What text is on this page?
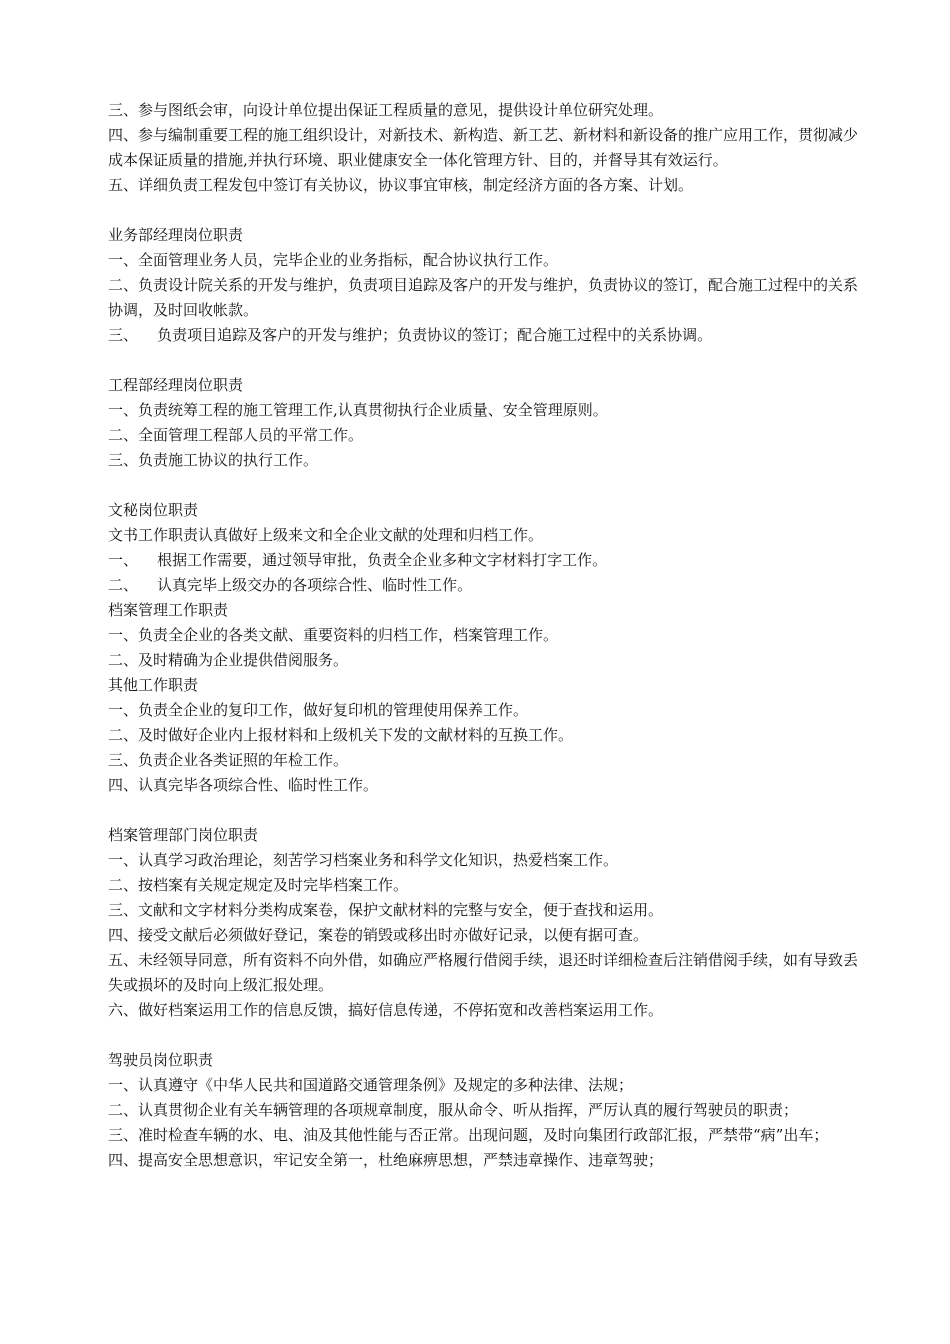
三、参与图纸会审，向设计单位提出保证工程质量的意见，提供设计单位研究处理。
四、参与编制重要工程的施工组织设计，对新技术、新构造、新工艺、新材料和新设备的推广应用工作，贯彻减少成本保证质量的措施,并执行环境、职业健康安全一体化管理方针、目的，并督导其有效运行。
五、详细负责工程发包中签订有关协议，协议事宜审核，制定经济方面的各方案、计划。
业务部经理岗位职责
一、全面管理业务人员，完毕企业的业务指标，配合协议执行工作。
二、负责设计院关系的开发与维护，负责项目追踪及客户的开发与维护，负责协议的签订，配合施工过程中的关系协调，及时回收帐款。
三、    负责项目追踪及客户的开发与维护；负责协议的签订；配合施工过程中的关系协调。
工程部经理岗位职责
一、负责统筹工程的施工管理工作,认真贯彻执行企业质量、安全管理原则。
二、全面管理工程部人员的平常工作。
三、负责施工协议的执行工作。
文秘岗位职责
文书工作职责认真做好上级来文和全企业文献的处理和归档工作。
一、    根据工作需要，通过领导审批，负责全企业多种文字材料打字工作。
二、    认真完毕上级交办的各项综合性、临时性工作。
档案管理工作职责
一、负责全企业的各类文献、重要资料的归档工作，档案管理工作。
二、及时精确为企业提供借阅服务。
其他工作职责
一、负责全企业的复印工作，做好复印机的管理使用保养工作。
二、及时做好企业内上报材料和上级机关下发的文献材料的互换工作。
三、负责企业各类证照的年检工作。
四、认真完毕各项综合性、临时性工作。
档案管理部门岗位职责
一、认真学习政治理论，刻苦学习档案业务和科学文化知识，热爱档案工作。
二、按档案有关规定规定及时完毕档案工作。
三、文献和文字材料分类构成案卷，保护文献材料的完整与安全，便于查找和运用。
四、接受文献后必须做好登记，案卷的销毁或移出时亦做好记录，以便有据可查。
五、未经领导同意，所有资料不向外借，如确应严格履行借阅手续，退还时详细检查后注销借阅手续，如有导致丢失或损坏的及时向上级汇报处理。
六、做好档案运用工作的信息反馈，搞好信息传递，不停拓宽和改善档案运用工作。
驾驶员岗位职责
一、认真遵守《中华人民共和国道路交通管理条例》及规定的多种法律、法规；
二、认真贯彻企业有关车辆管理的各项规章制度，服从命令、听从指挥，严厉认真的履行驾驶员的职责；
三、准时检查车辆的水、电、油及其他性能与否正常。出现问题，及时向集团行政部汇报，严禁带“病”出车；
四、提高安全思想意识，牢记安全第一，杜绝麻痹思想，严禁违章操作、违章驾驶；
